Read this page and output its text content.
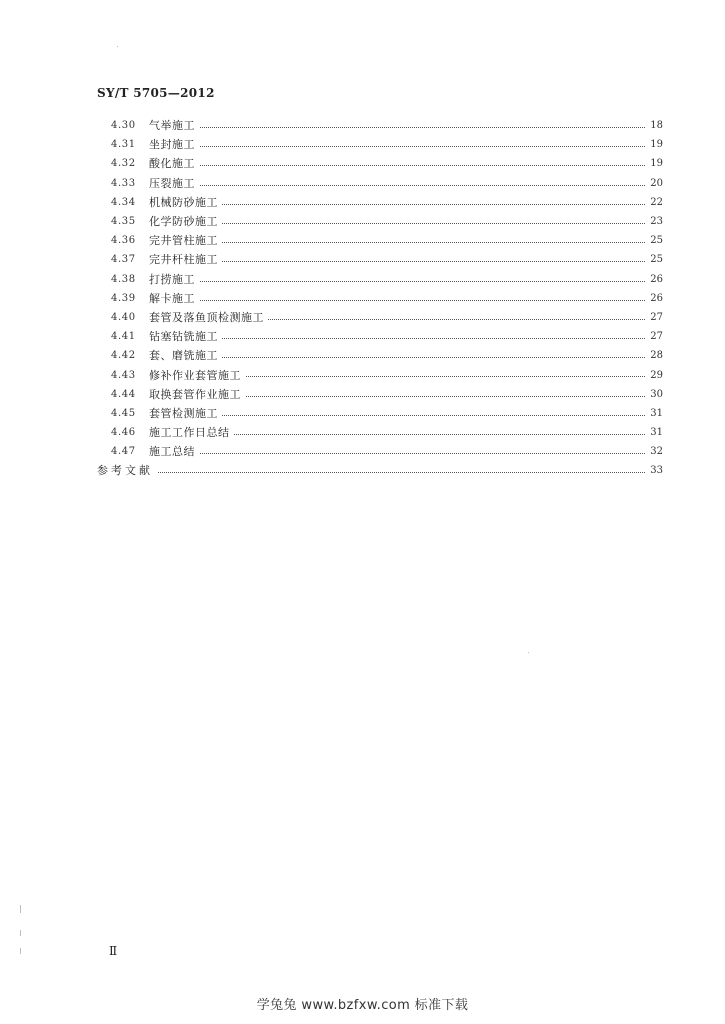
SY/T 5705—2012
4.30	气举施工	18
4.31	坐封施工	19
4.32	酸化施工	19
4.33	压裂施工	20
4.34	机械防砂施工	22
4.35	化学防砂施工	23
4.36	完井管柱施工	25
4.37	完井杆柱施工	25
4.38	打捞施工	26
4.39	解卡施工	26
4.40	套管及落鱼顶检测施工	27
4.41	钻塞钻铣施工	27
4.42	套、磨铣施工	28
4.43	修补作业套管施工	29
4.44	取换套管作业施工	30
4.45	套管检测施工	31
4.46	施工工作日总结	31
4.47	施工总结	32
参考文献	33
Ⅱ
学兔兔 www.bzfxw.com 标准下载
